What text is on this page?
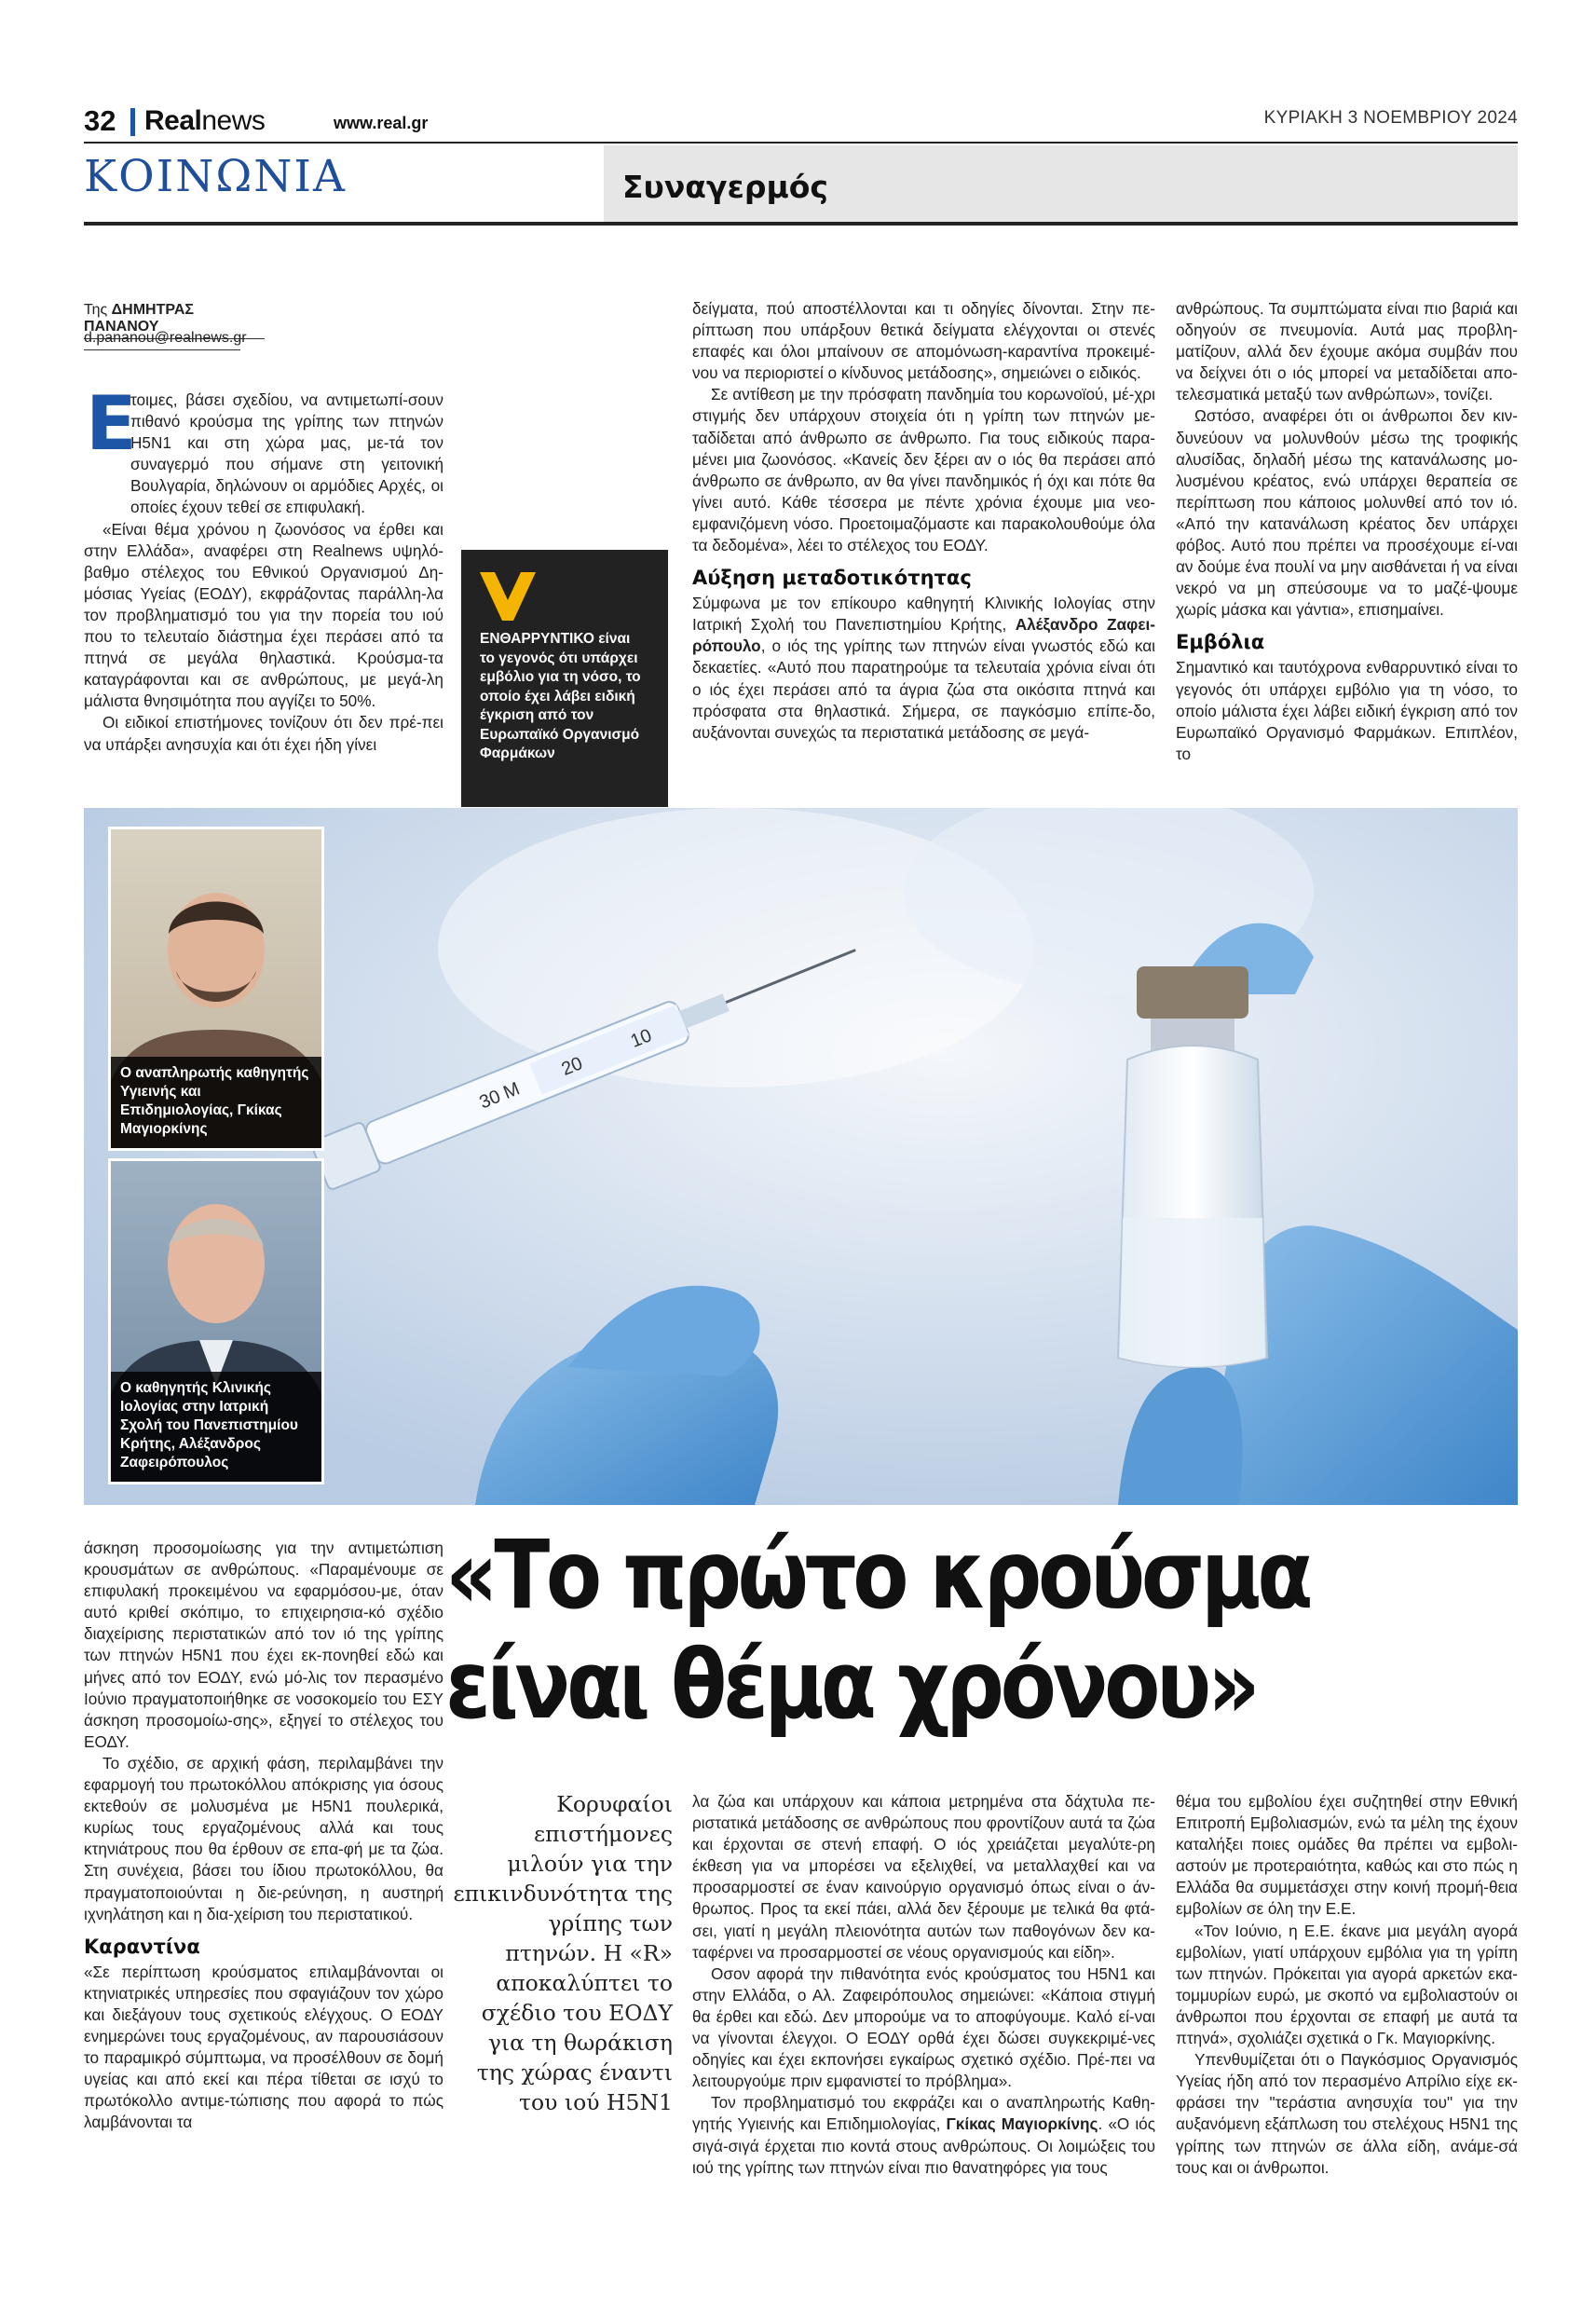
32 Realnews	www.real.gr	ΚΥΡΙΑΚΗ 3 ΝΟΕΜΒΡΙΟΥ 2024
ΚΟΙΝΩΝΙΑ	Συναγερμός
Της ΔΗΜΗΤΡΑΣ ΠΑΝΑΝΟΥ
d.pananou@realnews.gr
Ε

τοιμες, βάσει σχεδίου, να αντιμετωπί-σουν πιθανό κρούσμα της γρίπης των πτηνών H5N1 και στη χώρα μας, με-τά τον συναγερμό που σήμανε στη γειτονική Βουλγαρία, δηλώνουν οι αρμόδιες Αρχές, οι οποίες έχουν τεθεί σε επιφυλακή.

«Είναι θέμα χρόνου η ζωονόσος να έρθει και στην Ελλάδα», αναφέρει στη Realnews υψηλό-βαθμο στέλεχος του Εθνικού Οργανισμού Δη-μόσιας Υγείας (ΕΟΔΥ), εκφράζοντας παράλλη-λα τον προβληματισμό του για την πορεία του ιού που το τελευταίο διάστημα έχει περάσει από τα πτηνά σε μεγάλα θηλαστικά. Κρούσμα-τα καταγράφονται και σε ανθρώπους, με μεγά-λη μάλιστα θνησιμότητα που αγγίζει το 50%.

Οι ειδικοί επιστήμονες τονίζουν ότι δεν πρέ-πει να υπάρξει ανησυχία και ότι έχει ήδη γίνει

ΕΝΘΑΡΡΥΝΤΙΚΟ είναι το γεγονός ότι υπάρχει εμβόλιο για τη νόσο, το οποίο έχει λάβει ειδική έγκριση από τον Ευρωπαϊκό Οργανισμό Φαρμάκων

δείγματα, πού αποστέλλονται και τι οδηγίες δίνονται. Στην πε-ρίπτωση που υπάρξουν θετικά δείγματα ελέγχονται οι στενές επαφές και όλοι μπαίνουν σε απομόνωση-καραντίνα προκειμέ-νου να περιοριστεί ο κίνδυνος μετάδοσης», σημειώνει ο ειδικός.

Σε αντίθεση με την πρόσφατη πανδημία του κορωνοϊού, μέ-χρι στιγμής δεν υπάρχουν στοιχεία ότι η γρίπη των πτηνών με-ταδίδεται από άνθρωπο σε άνθρωπο. Για τους ειδικούς παρα-μένει μια ζωονόσος. «Κανείς δεν ξέρει αν ο ιός θα περάσει από άνθρωπο σε άνθρωπο, αν θα γίνει πανδημικός ή όχι και πότε θα γίνει αυτό. Κάθε τέσσερα με πέντε χρόνια έχουμε μια νεο-εμφανιζόμενη νόσο. Προετοιμαζόμαστε και παρακολουθούμε όλα τα δεδομένα», λέει το στέλεχος του ΕΟΔΥ.

Αύξηση μεταδοτικότητας

Σύμφωνα με τον επίκουρο καθηγητή Κλινικής Ιολογίας στην Ιατρική Σχολή του Πανεπιστημίου Κρήτης, Αλέξανδρο Ζαφει-ρόπουλο, ο ιός της γρίπης των πτηνών είναι γνωστός εδώ και δεκαετίες. «Αυτό που παρατηρούμε τα τελευταία χρόνια είναι ότι ο ιός έχει περάσει από τα άγρια ζώα στα οικόσιτα πτηνά και πρόσφατα στα θηλαστικά. Σήμερα, σε παγκόσμιο επίπε-δο, αυξάνονται συνεχώς τα περιστατικά μετάδοσης σε μεγά-

ανθρώπους. Τα συμπτώματα είναι πιο βαριά και οδηγούν σε πνευμονία. Αυτά μας προβλη-ματίζουν, αλλά δεν έχουμε ακόμα συμβάν που να δείχνει ότι ο ιός μπορεί να μεταδίδεται απο-τελεσματικά μεταξύ των ανθρώπων», τονίζει.

Ωστόσο, αναφέρει ότι οι άνθρωποι δεν κιν-δυνεύουν να μολυνθούν μέσω της τροφικής αλυσίδας, δηλαδή μέσω της κατανάλωσης μο-λυσμένου κρέατος, ενώ υπάρχει θεραπεία σε περίπτωση που κάποιος μολυνθεί από τον ιό. «Από την κατανάλωση κρέατος δεν υπάρχει φόβος. Αυτό που πρέπει να προσέχουμε εί-ναι αν δούμε ένα πουλί να μην αισθάνεται ή να είναι νεκρό να μη σπεύσουμε να το μαζέ-ψουμε χωρίς μάσκα και γάντια», επισημαίνει.

Εμβόλια

Σημαντικό και ταυτόχρονα ενθαρρυντικό είναι το γεγονός ότι υπάρχει εμβόλιο για τη νόσο, το οποίο μάλιστα έχει λάβει ειδική έγκριση από τον Ευρωπαϊκό Οργανισμό Φαρμάκων. Επιπλέον, το

10
20
30 M
Ο αναπληρωτής καθηγητής Υγιεινής και Επιδημιολογίας, Γκίκας Μαγιορκίνης
Ο καθηγητής Κλινικής Ιολογίας στην Ιατρική Σχολή του Πανεπιστημίου Κρήτης, Αλέξανδρος Ζαφειρόπουλος

άσκηση προσομοίωσης για την αντιμετώπιση κρουσμάτων σε ανθρώπους. «Παραμένουμε σε επιφυλακή προκειμένου να εφαρμόσου-με, όταν αυτό κριθεί σκόπιμο, το επιχειρησια-κό σχέδιο διαχείρισης περιστατικών από τον ιό της γρίπης των πτηνών H5N1 που έχει εκ-πονηθεί εδώ και μήνες από τον ΕΟΔΥ, ενώ μό-λις τον περασμένο Ιούνιο πραγματοποιήθηκε σε νοσοκομείο του ΕΣΥ άσκηση προσομοίω-σης», εξηγεί το στέλεχος του ΕΟΔΥ.

Το σχέδιο, σε αρχική φάση, περιλαμβάνει την εφαρμογή του πρωτοκόλλου απόκρισης για όσους εκτεθούν σε μολυσμένα με H5N1 πουλερικά, κυρίως τους εργαζομένους αλλά και τους κτηνιάτρους που θα έρθουν σε επα-φή με τα ζώα. Στη συνέχεια, βάσει του ίδιου πρωτοκόλλου, θα πραγματοποιούνται η διε-ρεύνηση, η αυστηρή ιχνηλάτηση και η δια-χείριση του περιστατικού.

Καραντίνα

«Σε περίπτωση κρούσματος επιλαμβάνονται οι κτηνιατρικές υπηρεσίες που σφαγιάζουν τον χώρο και διεξάγουν τους σχετικούς ελέγχους. Ο ΕΟΔΥ ενημερώνει τους εργαζομένους, αν παρουσιάσουν το παραμικρό σύμπτωμα, να προσέλθουν σε δομή υγείας και από εκεί και πέρα τίθεται σε ισχύ το πρωτόκολλο αντιμε-τώπισης που αφορά το πώς λαμβάνονται τα

«Το πρώτο κρούσμα
είναι θέμα χρόνου»
Κορυφαίοι επιστήμονες μιλούν για την επικινδυνότητα της γρίπης των πτηνών. Η «R» αποκαλύπτει το σχέδιο του ΕΟΔΥ για τη θωράκιση της χώρας έναντι του ιού H5N1

λα ζώα και υπάρχουν και κάποια μετρημένα στα δάχτυλα πε-ριστατικά μετάδοσης σε ανθρώπους που φροντίζουν αυτά τα ζώα και έρχονται σε στενή επαφή. Ο ιός χρειάζεται μεγαλύτε-ρη έκθεση για να μπορέσει να εξελιχθεί, να μεταλλαχθεί και να προσαρμοστεί σε έναν καινούργιο οργανισμό όπως είναι ο άν-θρωπος. Προς τα εκεί πάει, αλλά δεν ξέρουμε με τελικά θα φτά-σει, γιατί η μεγάλη πλειονότητα αυτών των παθογόνων δεν κα-ταφέρνει να προσαρμοστεί σε νέους οργανισμούς και είδη».

Οσον αφορά την πιθανότητα ενός κρούσματος του H5N1 και στην Ελλάδα, ο Αλ. Ζαφειρόπουλος σημειώνει: «Κάποια στιγμή θα έρθει και εδώ. Δεν μπορούμε να το αποφύγουμε. Καλό εί-ναι να γίνονται έλεγχοι. Ο ΕΟΔΥ ορθά έχει δώσει συγκεκριμέ-νες οδηγίες και έχει εκπονήσει εγκαίρως σχετικό σχέδιο. Πρέ-πει να λειτουργούμε πριν εμφανιστεί το πρόβλημα».

Τον προβληματισμό του εκφράζει και ο αναπληρωτής Καθη-γητής Υγιεινής και Επιδημιολογίας, Γκίκας Μαγιορκίνης. «Ο ιός σιγά-σιγά έρχεται πιο κοντά στους ανθρώπους. Οι λοιμώξεις του ιού της γρίπης των πτηνών είναι πιο θανατηφόρες για τους

θέμα του εμβολίου έχει συζητηθεί στην Εθνική Επιτροπή Εμβολιασμών, ενώ τα μέλη της έχουν καταλήξει ποιες ομάδες θα πρέπει να εμβολι-αστούν με προτεραιότητα, καθώς και στο πώς η Ελλάδα θα συμμετάσχει στην κοινή προμή-θεια εμβολίων σε όλη την Ε.Ε.

«Τον Ιούνιο, η Ε.Ε. έκανε μια μεγάλη αγορά εμβολίων, γιατί υπάρχουν εμβόλια για τη γρίπη των πτηνών. Πρόκειται για αγορά αρκετών εκα-τομμυρίων ευρώ, με σκοπό να εμβολιαστούν οι άνθρωποι που έρχονται σε επαφή με αυτά τα πτηνά», σχολιάζει σχετικά ο Γκ. Μαγιορκίνης.

Υπενθυμίζεται ότι ο Παγκόσμιος Οργανισμός Υγείας ήδη από τον περασμένο Απρίλιο είχε εκ-φράσει την "τεράστια ανησυχία του" για την αυξανόμενη εξάπλωση του στελέχους H5N1 της γρίπης των πτηνών σε άλλα είδη, ανάμε-σά τους και οι άνθρωποι.
